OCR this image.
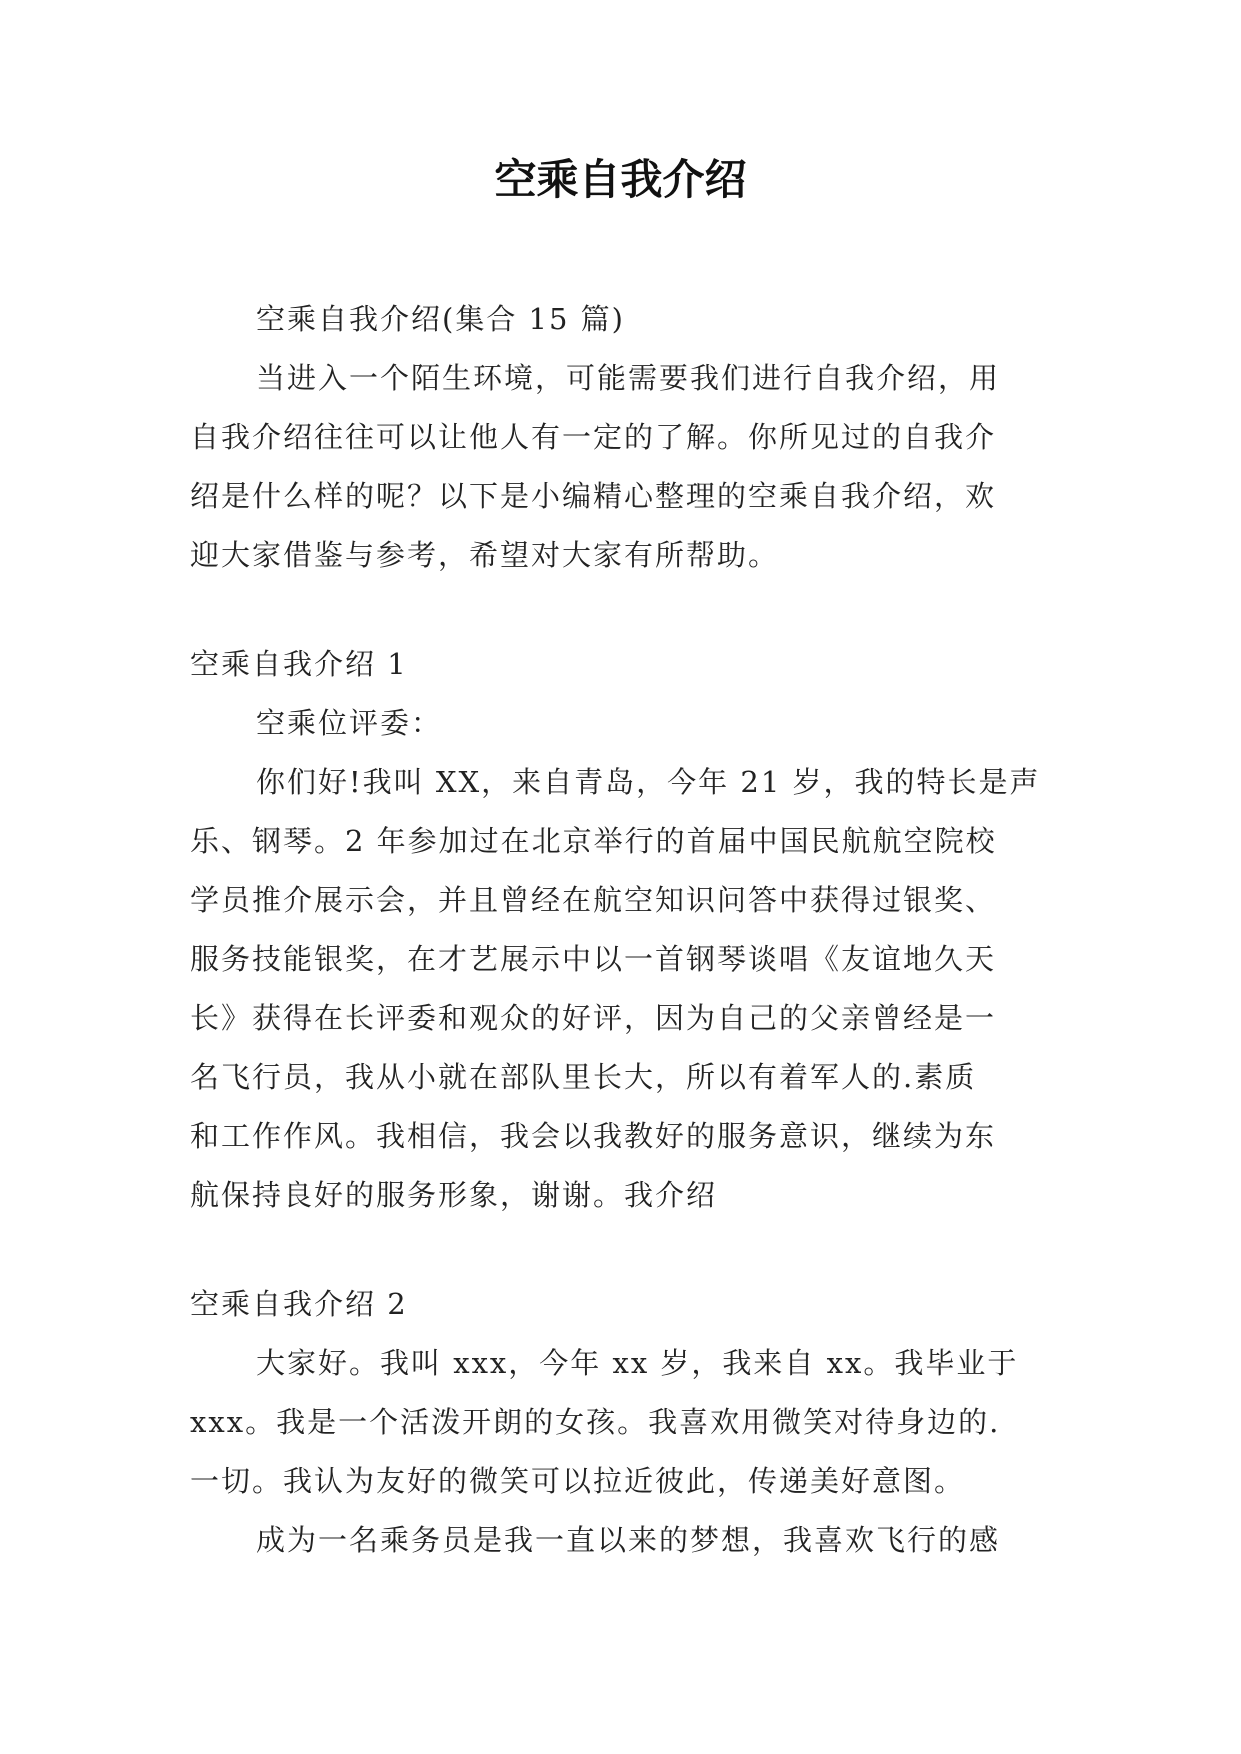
空乘自我介绍

空乘自我介绍(集合 15 篇)

当进入一个陌生环境，可能需要我们进行自我介绍，用

自我介绍往往可以让他人有一定的了解。你所见过的自我介

绍是什么样的呢？以下是小编精心整理的空乘自我介绍，欢

迎大家借鉴与参考，希望对大家有所帮助。

空乘自我介绍 1

空乘位评委：

你们好!我叫 XX，来自青岛，今年 21 岁，我的特长是声

乐、钢琴。2 年参加过在北京举行的首届中国民航航空院校

学员推介展示会，并且曾经在航空知识问答中获得过银奖、

服务技能银奖，在才艺展示中以一首钢琴谈唱《友谊地久天

长》获得在长评委和观众的好评，因为自己的父亲曾经是一

名飞行员，我从小就在部队里长大，所以有着军人的.素质

和工作作风。我相信，我会以我教好的服务意识，继续为东

航保持良好的服务形象，谢谢。我介绍

空乘自我介绍 2

大家好。我叫 xxx，今年 xx 岁，我来自 xx。我毕业于

xxx。我是一个活泼开朗的女孩。我喜欢用微笑对待身边的.

一切。我认为友好的微笑可以拉近彼此，传递美好意图。

成为一名乘务员是我一直以来的梦想，我喜欢飞行的感
